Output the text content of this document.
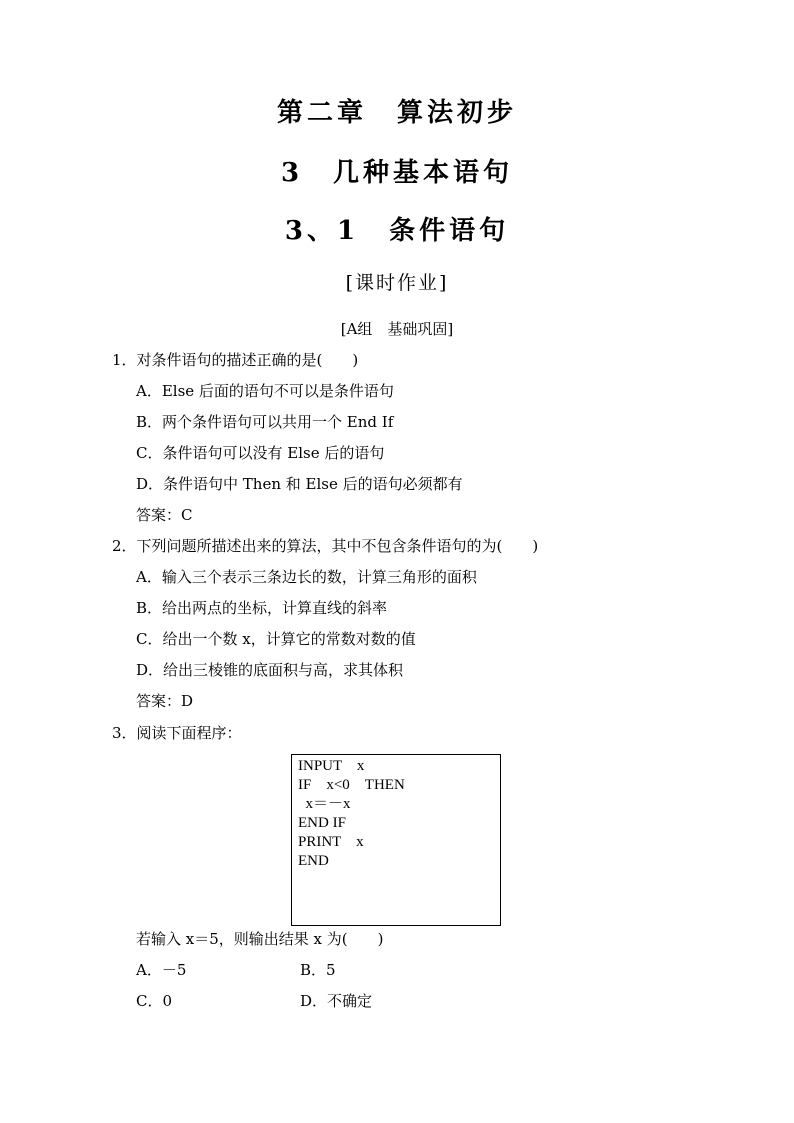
第二章　算法初步
3　几种基本语句
3、1　条件语句
[课时作业]
[A组　基础巩固]
1．对条件语句的描述正确的是(　　)
A．Else 后面的语句不可以是条件语句
B．两个条件语句可以共用一个 End If
C．条件语句可以没有 Else 后的语句
D．条件语句中 Then 和 Else 后的语句必须都有
答案：C
2．下列问题所描述出来的算法，其中不包含条件语句的为(　　)
A．输入三个表示三条边长的数，计算三角形的面积
B．给出两点的坐标，计算直线的斜率
C．给出一个数 x，计算它的常数对数的值
D．给出三棱锥的底面积与高，求其体积
答案：D
3．阅读下面程序：
INPUT　x
IF　x<0　THEN
x＝－x
END IF
PRINT　x
END
若输入 x＝5，则输出结果 x 为(　　)
A．－5	B．5
C．0	D．不确定
